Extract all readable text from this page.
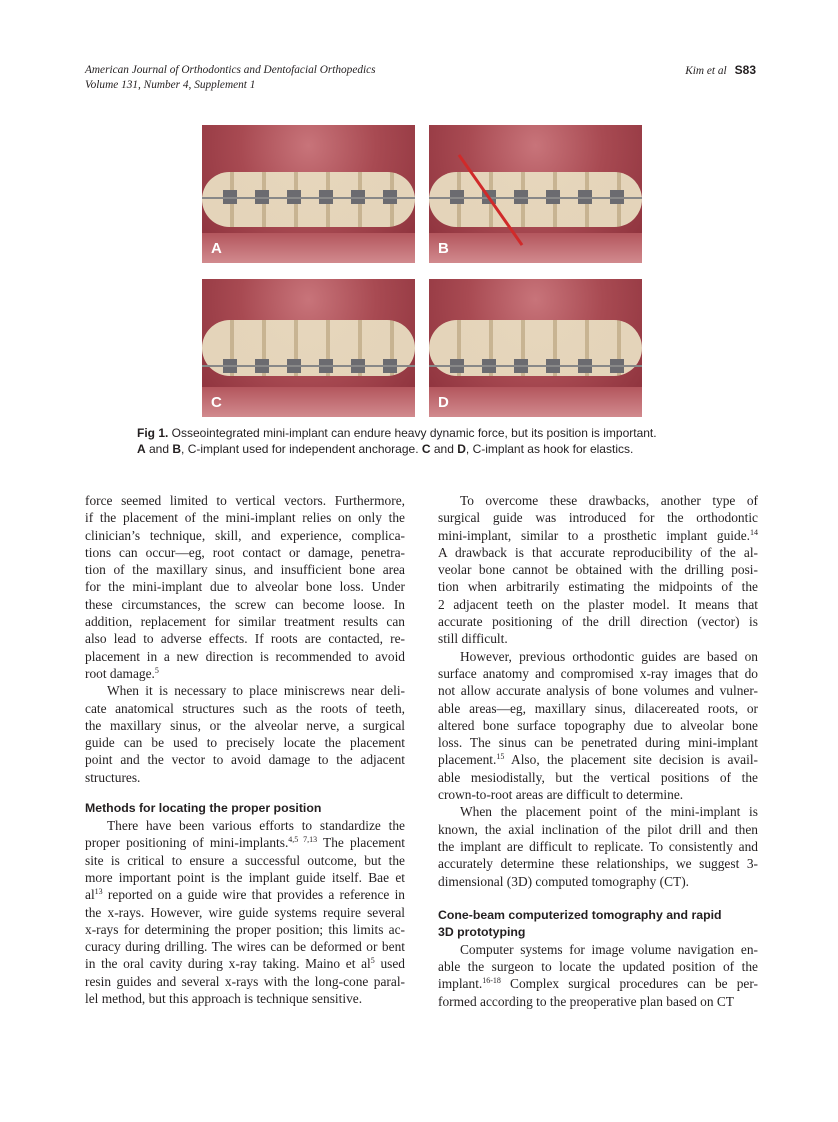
American Journal of Orthodontics and Dentofacial Orthopedics
Volume 131, Number 4, Supplement 1
Kim et al S83
A	B
C	D
Fig 1. Osseointegrated mini-implant can endure heavy dynamic force, but its position is important.
A and B, C-implant used for independent anchorage. C and D, C-implant as hook for elastics.
force seemed limited to vertical vectors. Furthermore,
if the placement of the mini-implant relies on only the
clinician’s technique, skill, and experience, complica-
tions can occur—eg, root contact or damage, penetra-
tion of the maxillary sinus, and insufficient bone area
for the mini-implant due to alveolar bone loss. Under
these circumstances, the screw can become loose. In
addition, replacement for similar treatment results can
also lead to adverse effects. If roots are contacted, re-
placement in a new direction is recommended to avoid
root damage.$^5$
When it is necessary to place miniscrews near deli-
cate anatomical structures such as the roots of teeth,
the maxillary sinus, or the alveolar nerve, a surgical
guide can be used to precisely locate the placement
point and the vector to avoid damage to the adjacent
structures.
Methods for locating the proper position
There have been various efforts to standardize the
proper positioning of mini-implants.$^{4,5 7,13}$ The placement
site is critical to ensure a successful outcome, but the
more important point is the implant guide itself. Bae et
$al^{13}$ reported on a guide wire that provides a reference in
the x-rays. However, wire guide systems require several
x-rays for determining the proper position; this limits ac-
curacy during drilling. The wires can be deformed or bent
in the oral cavity during x-ray taking. Maino et $al^5$ used
resin guides and several x-rays with the long-cone paral-
lel method, but this approach is technique sensitive.
To overcome these drawbacks, another type of
surgical guide was introduced for the orthodontic
mini-implant, similar to a prosthetic implant guide.$^{14}$
A drawback is that accurate reproducibility of the al-
veolar bone cannot be obtained with the drilling posi-
tion when arbitrarily estimating the midpoints of the
2 adjacent teeth on the plaster model. It means that
accurate positioning of the drill direction (vector) is
still difficult.
However, previous orthodontic guides are based on
surface anatomy and compromised x-ray images that do
not allow accurate analysis of bone volumes and vulner-
able areas—eg, maxillary sinus, dilacereated roots, or
altered bone surface topography due to alveolar bone
loss. The sinus can be penetrated during mini-implant
placement.$^{15}$ Also, the placement site decision is avail-
able mesiodistally, but the vertical positions of the
crown-to-root areas are difficult to determine.
When the placement point of the mini-implant is
known, the axial inclination of the pilot drill and then
the implant are difficult to replicate. To consistently and
accurately determine these relationships, we suggest 3-
dimensional (3D) computed tomography (CT).
Cone-beam computerized tomography and rapid
3D prototyping
Computer systems for image volume navigation en-
able the surgeon to locate the updated position of the
implant.$^{16-18}$ Complex surgical procedures can be per-
formed according to the preoperative plan based on CT
